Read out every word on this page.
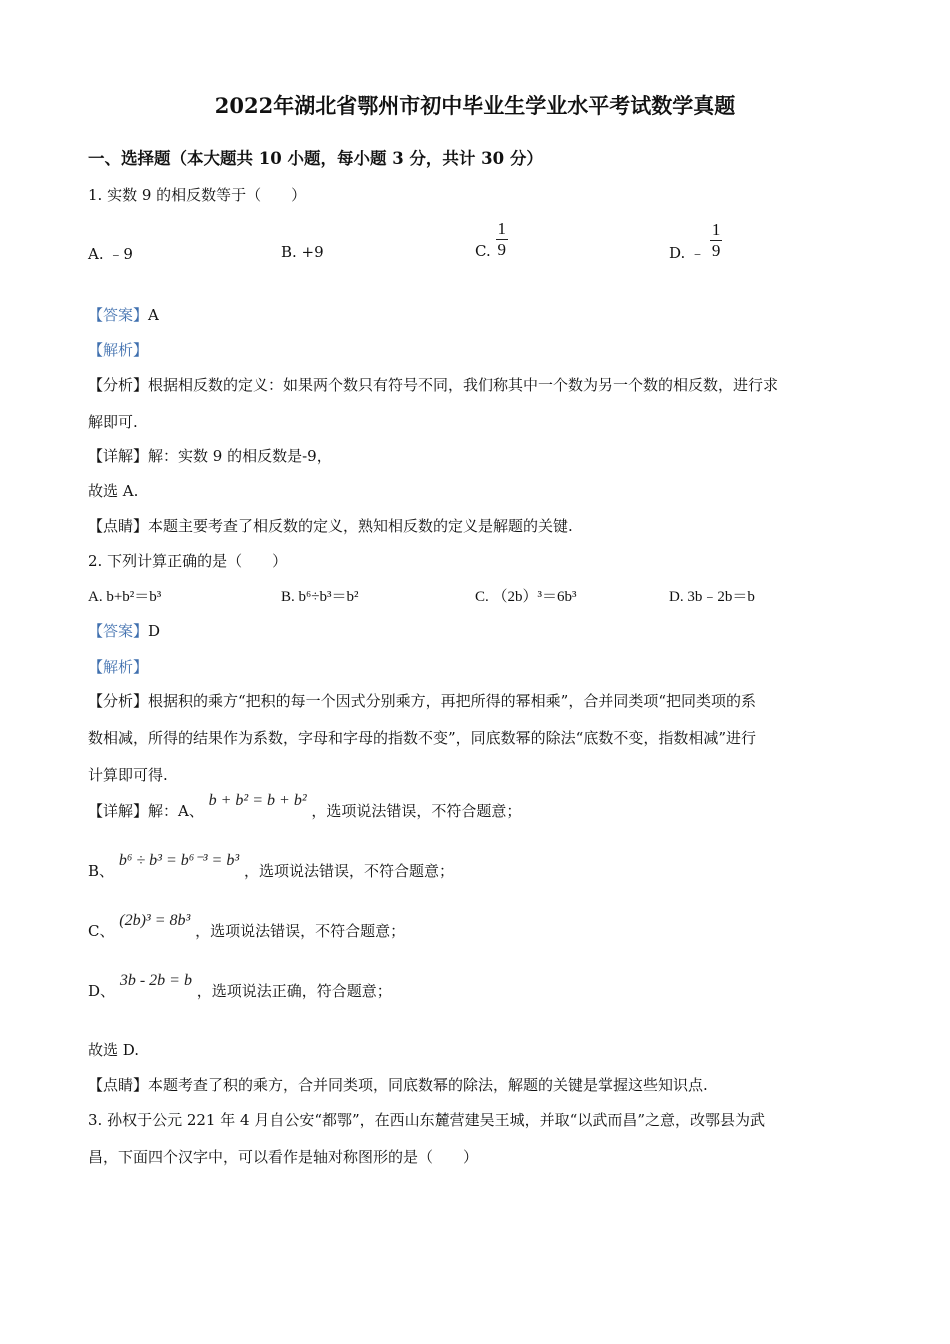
2022年湖北省鄂州市初中毕业生学业水平考试数学真题
一、选择题（本大题共 10 小题，每小题 3 分，共计 30 分）
1. 实数 9 的相反数等于（　　）
A. ﹣9	B. +9	C. $\frac{1}{9}$	D. ﹣ $\frac{1}{9}$
【答案】A
【解析】
【分析】根据相反数的定义：如果两个数只有符号不同，我们称其中一个数为另一个数的相反数，进行求
解即可.
【详解】解：实数 9 的相反数是-9，
故选 A.
【点睛】本题主要考查了相反数的定义，熟知相反数的定义是解题的关键.
2. 下列计算正确的是（　　）
A. b+b²＝b³	B. b⁶÷b³＝b²	C. （2b）³＝6b³	D. 3b﹣2b＝b
【答案】D
【解析】
【分析】根据积的乘方“把积的每一个因式分别乘方，再把所得的幂相乘”，合并同类项“把同类项的系
数相减，所得的结果作为系数，字母和字母的指数不变”，同底数幂的除法“底数不变，指数相减”进行
计算即可得.
【详解】解：A、 b + b² = b + b² ，选项说法错误，不符合题意；
B、 b⁶ ÷ b³ = b⁶⁻³ = b³ ，选项说法错误，不符合题意；
C、 (2b)³ = 8b³ ，选项说法错误，不符合题意；
D、 3b - 2b = b ，选项说法正确，符合题意；
故选 D.
【点睛】本题考查了积的乘方，合并同类项，同底数幂的除法，解题的关键是掌握这些知识点.
3. 孙权于公元 221 年 4 月自公安“都鄂”，在西山东麓营建吴王城，并取“以武而昌”之意，改鄂县为武
昌，下面四个汉字中，可以看作是轴对称图形的是（　　）
